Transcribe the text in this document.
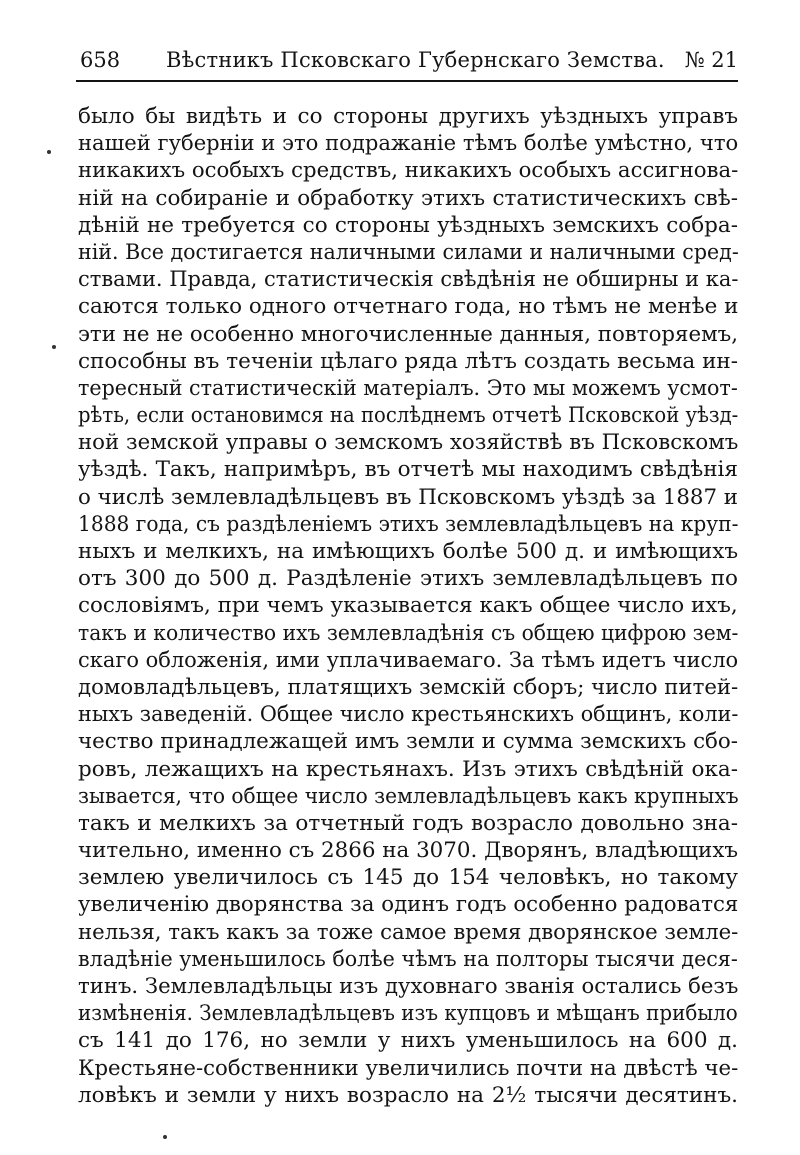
658 Вѣстникъ Псковскаго Губернскаго Земства. № 21
было бы видѣть и со стороны другихъ уѣздныхъ управъ
нашей губерніи и это подражаніе тѣмъ болѣе умѣстно, что
никакихъ особыхъ средствъ, никакихъ особыхъ ассигнова-
ній на собираніе и обработку этихъ статистическихъ свѣ-
дѣній не требуется со стороны уѣздныхъ земскихъ собра-
ній. Все достигается наличными силами и наличными сред-
ствами. Правда, статистическія свѣдѣнія не обширны и ка-
саются только одного отчетнаго года, но тѣмъ не менѣе и
эти не не особенно многочисленные данныя, повторяемъ,
способны въ теченіи цѣлаго ряда лѣтъ создать весьма ин-
тересный статистическій матеріалъ. Это мы можемъ усмот-
рѣть, если остановимся на послѣднемъ отчетѣ Псковской уѣзд-
ной земской управы о земскомъ хозяйствѣ въ Псковскомъ
уѣздѣ. Такъ, напримѣръ, въ отчетѣ мы находимъ свѣдѣнія
о числѣ землевладѣльцевъ въ Псковскомъ уѣздѣ за 1887 и
1888 года, съ раздѣленіемъ этихъ землевладѣльцевъ на круп-
ныхъ и мелкихъ, на имѣющихъ болѣе 500 д. и имѣющихъ
отъ 300 до 500 д. Раздѣленіе этихъ землевладѣльцевъ по
сословіямъ, при чемъ указывается какъ общее число ихъ,
такъ и количество ихъ землевладѣнія съ общею цифрою зем-
скаго обложенія, ими уплачиваемаго. За тѣмъ идетъ число
домовладѣльцевъ, платящихъ земскій сборъ; число питей-
ныхъ заведеній. Общее число крестьянскихъ общинъ, коли-
чество принадлежащей имъ земли и сумма земскихъ сбо-
ровъ, лежащихъ на крестьянахъ. Изъ этихъ свѣдѣній ока-
зывается, что общее число землевладѣльцевъ какъ крупныхъ
такъ и мелкихъ за отчетный годъ возрасло довольно зна-
чительно, именно съ 2866 на 3070. Дворянъ, владѣющихъ
землею увеличилось съ 145 до 154 человѣкъ, но такому
увеличенію дворянства за одинъ годъ особенно радоватся
нельзя, такъ какъ за тоже самое время дворянское земле-
владѣніе уменьшилось болѣе чѣмъ на полторы тысячи деся-
тинъ. Землевладѣльцы изъ духовнаго званія остались безъ
измѣненія. Землевладѣльцевъ изъ купцовъ и мѣщанъ прибыло
съ 141 до 176, но земли у нихъ уменьшилось на 600 д.
Крестьяне-собственники увеличились почти на двѣстѣ че-
ловѣкъ и земли у нихъ возрасло на 2½ тысячи десятинъ.
